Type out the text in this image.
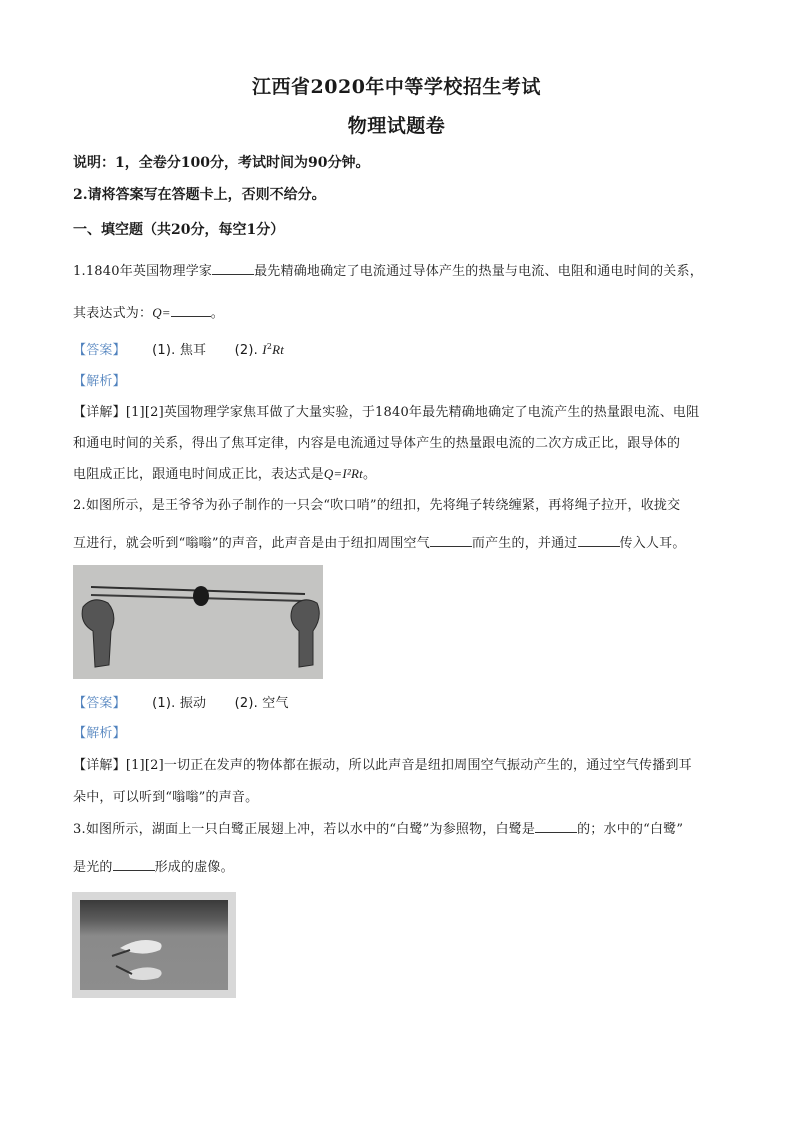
江西省2020年中等学校招生考试
物理试题卷
说明：1，全卷分100分，考试时间为90分钟。
2.请将答案写在答题卡上，否则不给分。
一、填空题（共20分，每空1分）
1.1840年英国物理学家	最先精确地确定了电流通过导体产生的热量与电流、电阻和通电时间的关系，
其表达式为：Q=	。
【答案】 (1). 焦耳 (2). $I^2Rt$
【解析】
【详解】[1][2]英国物理学家焦耳做了大量实验，于1840年最先精确地确定了电流产生的热量跟电流、电阻
和通电时间的关系，得出了焦耳定律，内容是电流通过导体产生的热量跟电流的二次方成正比，跟导体的
电阻成正比，跟通电时间成正比，表达式是Q=I²Rt。
2.如图所示，是王爷爷为孙子制作的一只会“吹口哨”的纽扣，先将绳子转绕缠紧，再将绳子拉开，收拢交
互进行，就会听到“嗡嗡”的声音，此声音是由于纽扣周围空气	而产生的，并通过	传入人耳。
【答案】 (1). 振动 (2). 空气
【解析】
【详解】[1][2]一切正在发声的物体都在振动，所以此声音是纽扣周围空气振动产生的，通过空气传播到耳
朵中，可以听到“嗡嗡”的声音。
3.如图所示，湖面上一只白鹭正展翅上冲，若以水中的“白鹭”为参照物，白鹭是	的；水中的“白鹭”
是光的	形成的虚像。
